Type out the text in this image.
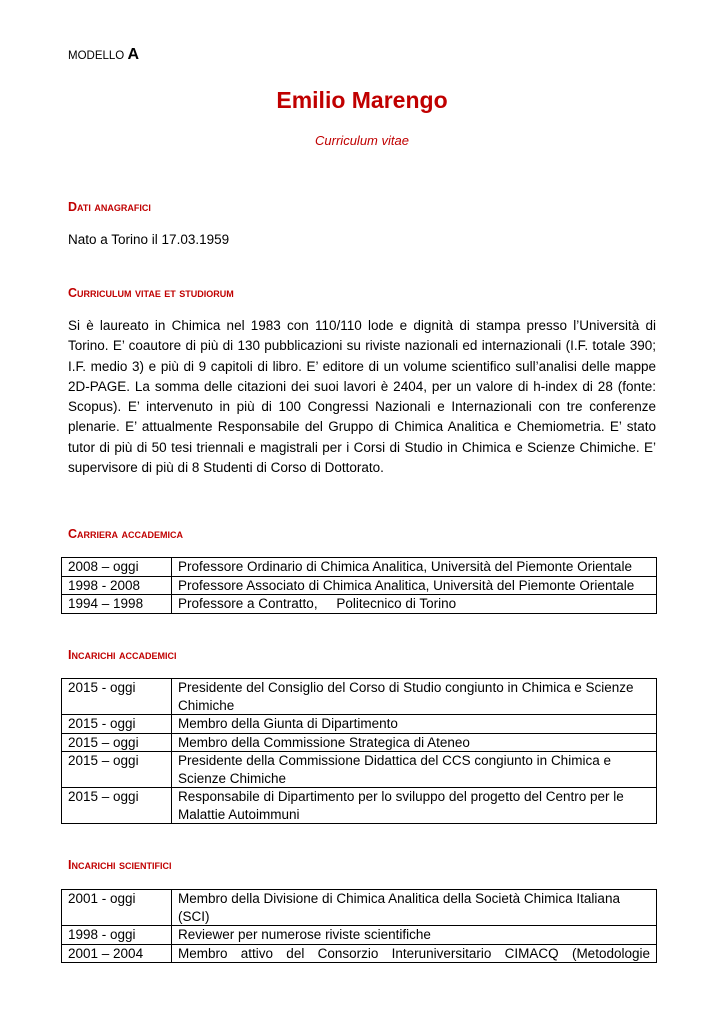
MODELLO A
Emilio Marengo
Curriculum vitae
Dati anagrafici
Nato a Torino il 17.03.1959
Curriculum vitae et studiorum

Si è laureato in Chimica nel 1983 con 110/110 lode e dignità di stampa presso l’Università di Torino. E’ coautore di più di 130 pubblicazioni su riviste nazionali ed internazionali (I.F. totale 390; I.F. medio 3) e più di 9 capitoli di libro. E’ editore di un volume scientifico sull’analisi delle mappe 2D-PAGE. La somma delle citazioni dei suoi lavori è 2404, per un valore di h-index di 28 (fonte: Scopus). E’ intervenuto in più di 100 Congressi Nazionali e Internazionali con tre conferenze plenarie. E’ attualmente Responsabile del Gruppo di Chimica Analitica e Chemiometria. E’ stato tutor di più di 50 tesi triennali e magistrali per i Corsi di Studio in Chimica e Scienze Chimiche. E’ supervisore di più di 8 Studenti di Corso di Dottorato.

Carriera accademica
2008 – oggi	Professore Ordinario di Chimica Analitica, Università del Piemonte Orientale
1998 - 2008	Professore Associato di Chimica Analitica, Università del Piemonte Orientale
1994 – 1998	Professore a Contratto,     Politecnico di Torino
Incarichi accademici
2015 - oggi	Presidente del Consiglio del Corso di Studio congiunto in Chimica e Scienze Chimiche
2015 - oggi	Membro della Giunta di Dipartimento
2015 – oggi	Membro della Commissione Strategica di Ateneo
2015 – oggi	Presidente della Commissione Didattica del CCS congiunto in Chimica e Scienze Chimiche
2015 – oggi	Responsabile di Dipartimento per lo sviluppo del progetto del Centro per le Malattie Autoimmuni
Incarichi scientifici
2001 - oggi	Membro della Divisione di Chimica Analitica della Società Chimica Italiana (SCI)
1998 - oggi	Reviewer per numerose riviste scientifiche
2001 – 2004	Membro attivo del Consorzio Interuniversitario CIMACQ (Metodologie
